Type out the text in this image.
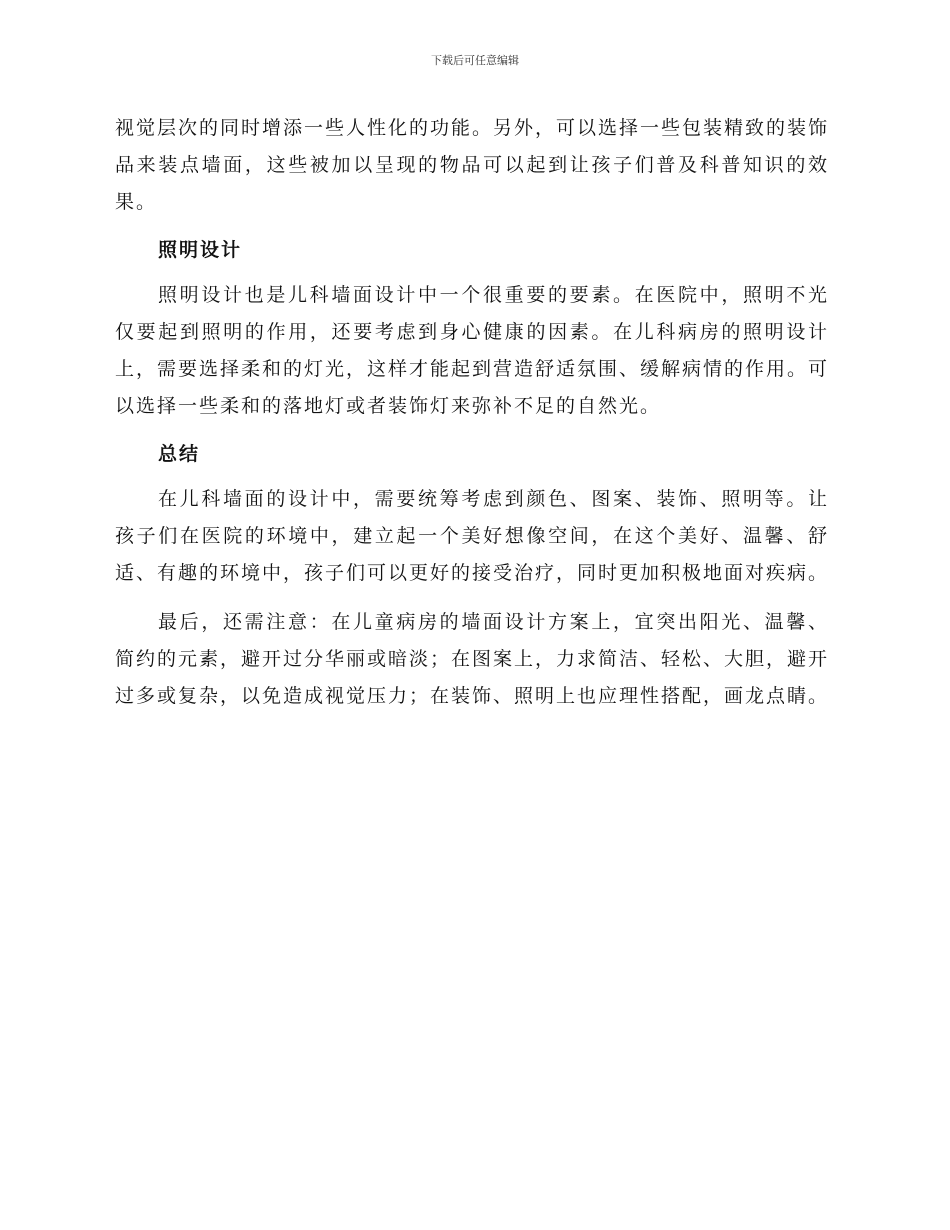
下载后可任意编辑

视觉层次的同时增添一些人性化的功能。另外，可以选择一些包装精致的装饰品来装点墙面，这些被加以呈现的物品可以起到让孩子们普及科普知识的效果。

照明设计

照明设计也是儿科墙面设计中一个很重要的要素。在医院中，照明不光仅要起到照明的作用，还要考虑到身心健康的因素。在儿科病房的照明设计上，需要选择柔和的灯光，这样才能起到营造舒适氛围、缓解病情的作用。可以选择一些柔和的落地灯或者装饰灯来弥补不足的自然光。

总结

在儿科墙面的设计中，需要统筹考虑到颜色、图案、装饰、照明等。让孩子们在医院的环境中，建立起一个美好想像空间，在这个美好、温馨、舒适、有趣的环境中，孩子们可以更好的接受治疗，同时更加积极地面对疾病。

最后，还需注意：在儿童病房的墙面设计方案上，宜突出阳光、温馨、简约的元素，避开过分华丽或暗淡；在图案上，力求简洁、轻松、大胆，避开过多或复杂，以免造成视觉压力；在装饰、照明上也应理性搭配，画龙点睛。
